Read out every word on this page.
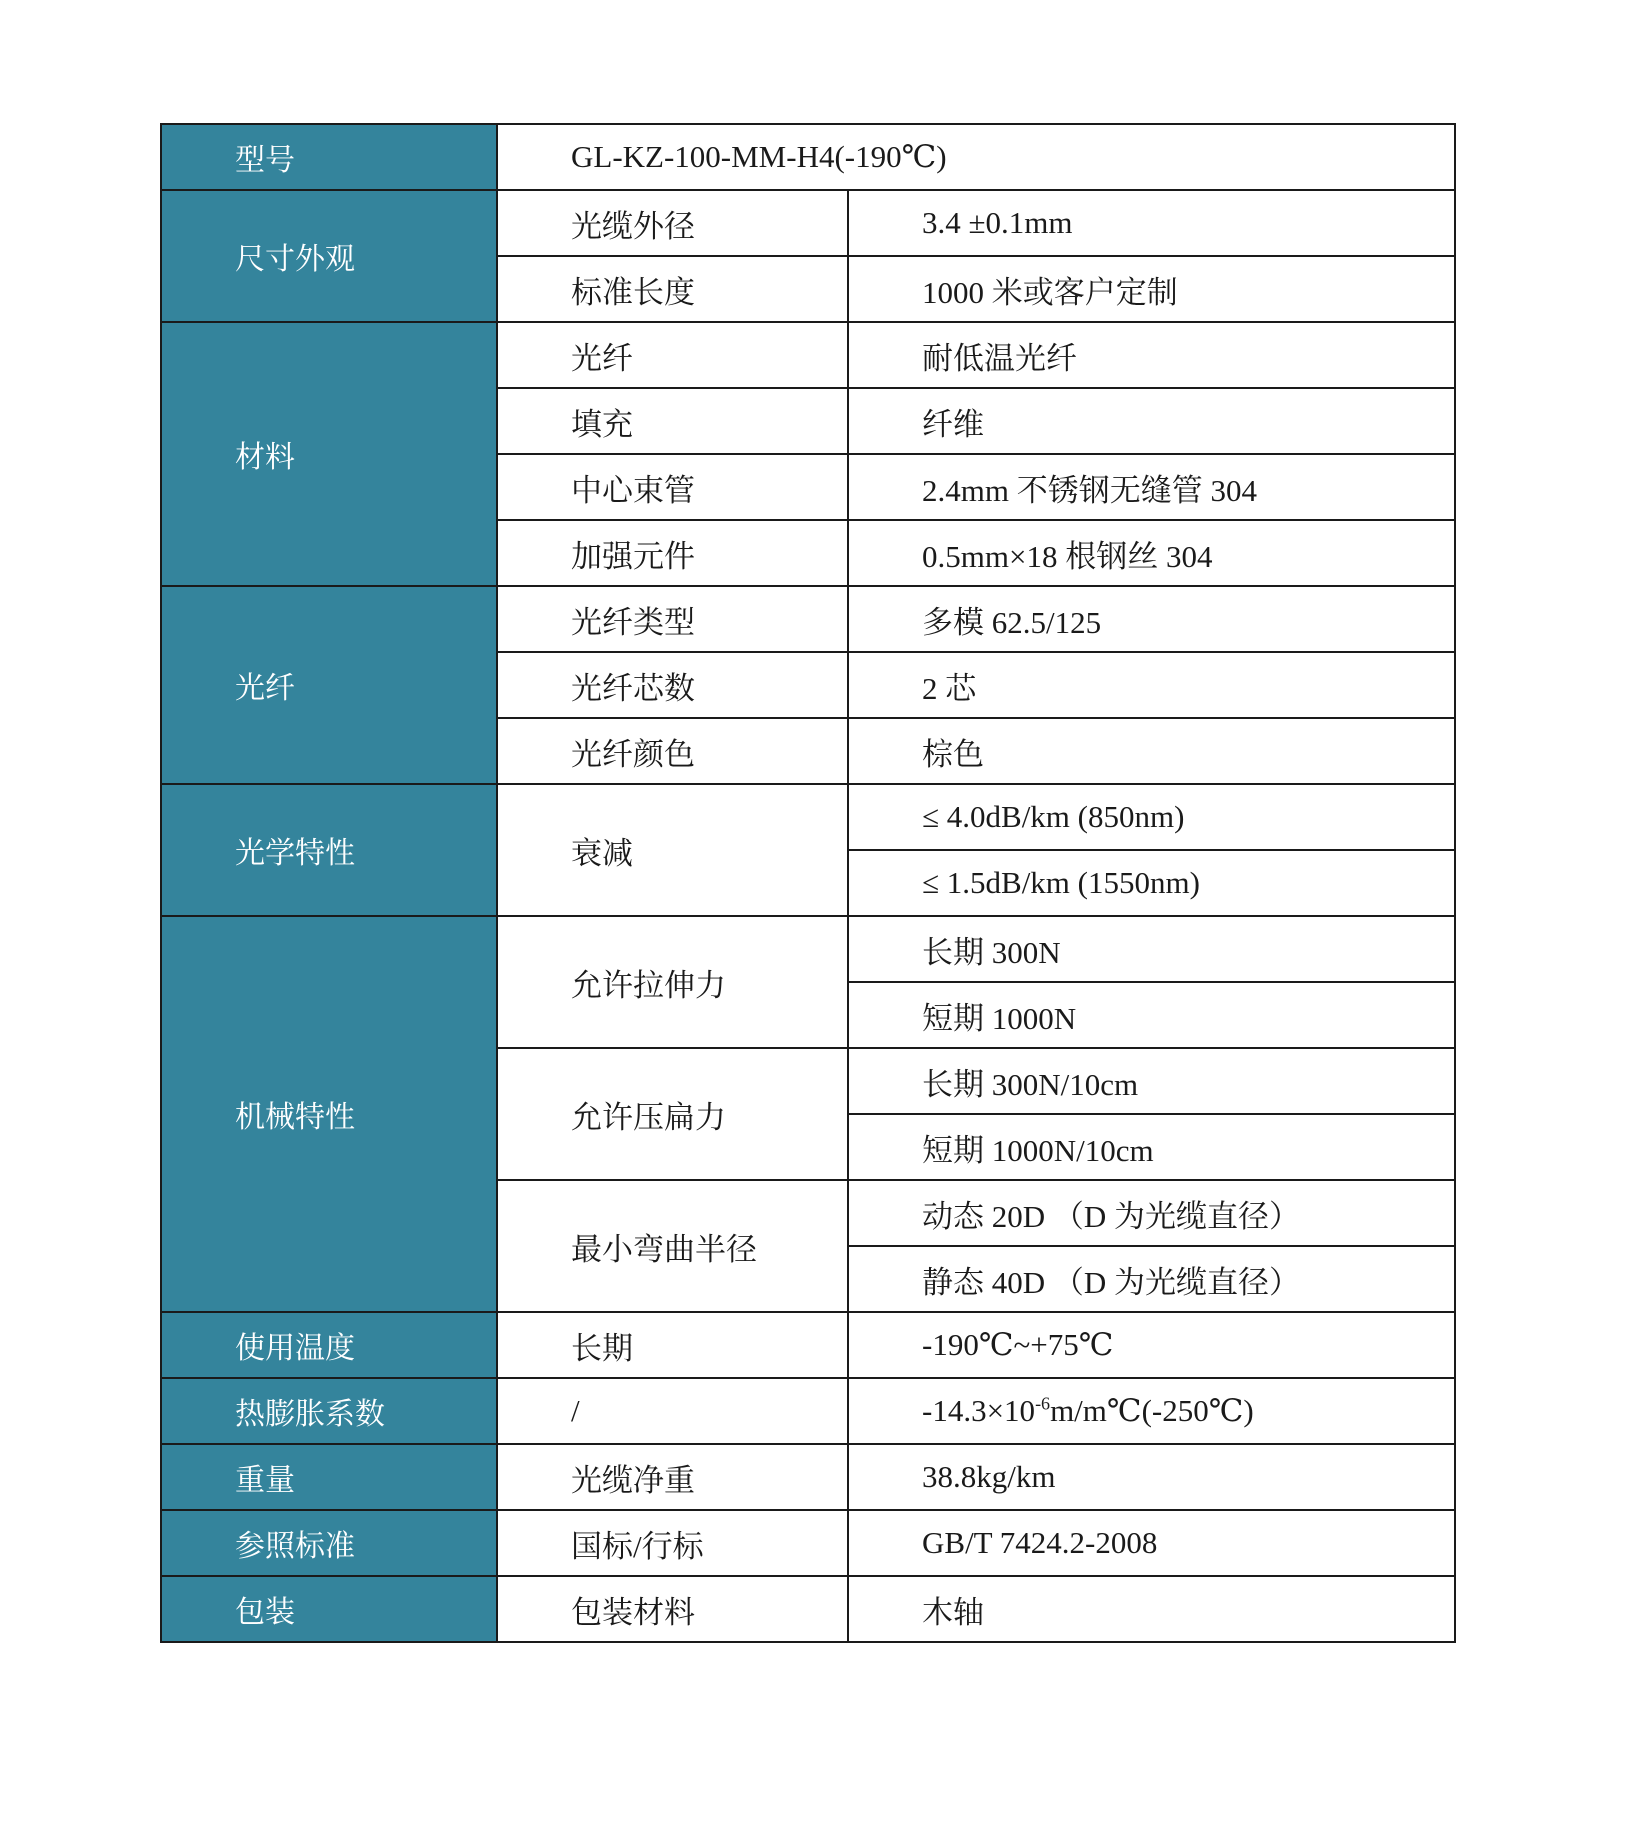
型号	GL-KZ-100-MM-H4(-190℃)	
尺寸外观	光缆外径	3.4 ±0.1mm
	标准长度	1000 米或客户定制
材料	光纤	耐低温光纤
	填充	纤维
	中心束管	2.4mm 不锈钢无缝管 304
	加强元件	0.5mm×18 根钢丝 304
光纤	光纤类型	多模 62.5/125
	光纤芯数	2 芯
	光纤颜色	棕色
光学特性	衰减	≤ 4.0dB/km (850nm)
		≤ 1.5dB/km (1550nm)
机械特性	允许拉伸力	长期 300N
		短期 1000N
	允许压扁力	长期 300N/10cm
		短期 1000N/10cm
	最小弯曲半径	动态 20D （D 为光缆直径）
		静态 40D （D 为光缆直径）
使用温度	长期	-190℃~+75℃
热膨胀系数	/	$-14.3\times 10^{-6}m/m℃(-250℃)$
重量	光缆净重	38.8kg/km
参照标准	国标/行标	GB/T 7424.2-2008
包装	包装材料	木轴
